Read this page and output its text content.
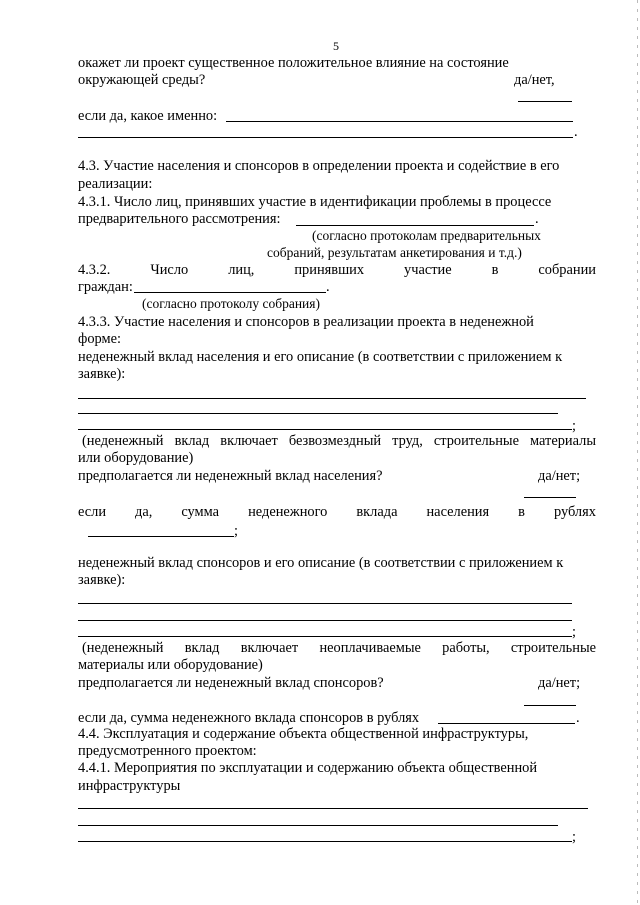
5
окажет ли проект существенное положительное влияние на состояние
окружающей среды?	да/нет,
если да, какое именно:
.
4.3. Участие населения и спонсоров в определении проекта и содействие в его
реализации:
4.3.1. Число лиц, принявших участие в идентификации проблемы в процессе
предварительного рассмотрения:	.
(согласно протоколам предварительных
собраний, результатам анкетирования и т.д.)
4.3.2.	Число	лиц,	принявших	участие	в	собрании
граждан:	.
(согласно протоколу собрания)
4.3.3. Участие населения и спонсоров в реализации проекта в неденежной
форме:
неденежный вклад населения и его описание (в соответствии с приложением к
заявке):
;
(неденежный вклад включает безвозмездный труд, строительные материалы
или оборудование)
предполагается ли неденежный вклад населения?	да/нет;
если да, сумма неденежного вклада населения в рублях
;
неденежный вклад спонсоров и его описание (в соответствии с приложением к
заявке):
;
(неденежный вклад включает неоплачиваемые работы, строительные
материалы или оборудование)
предполагается ли неденежный вклад спонсоров?	да/нет;
если да, сумма неденежного вклада спонсоров в рублях	.
4.4. Эксплуатация и содержание объекта общественной инфраструктуры,
предусмотренного проектом:
4.4.1. Мероприятия по эксплуатации и содержанию объекта общественной
инфраструктуры
;
